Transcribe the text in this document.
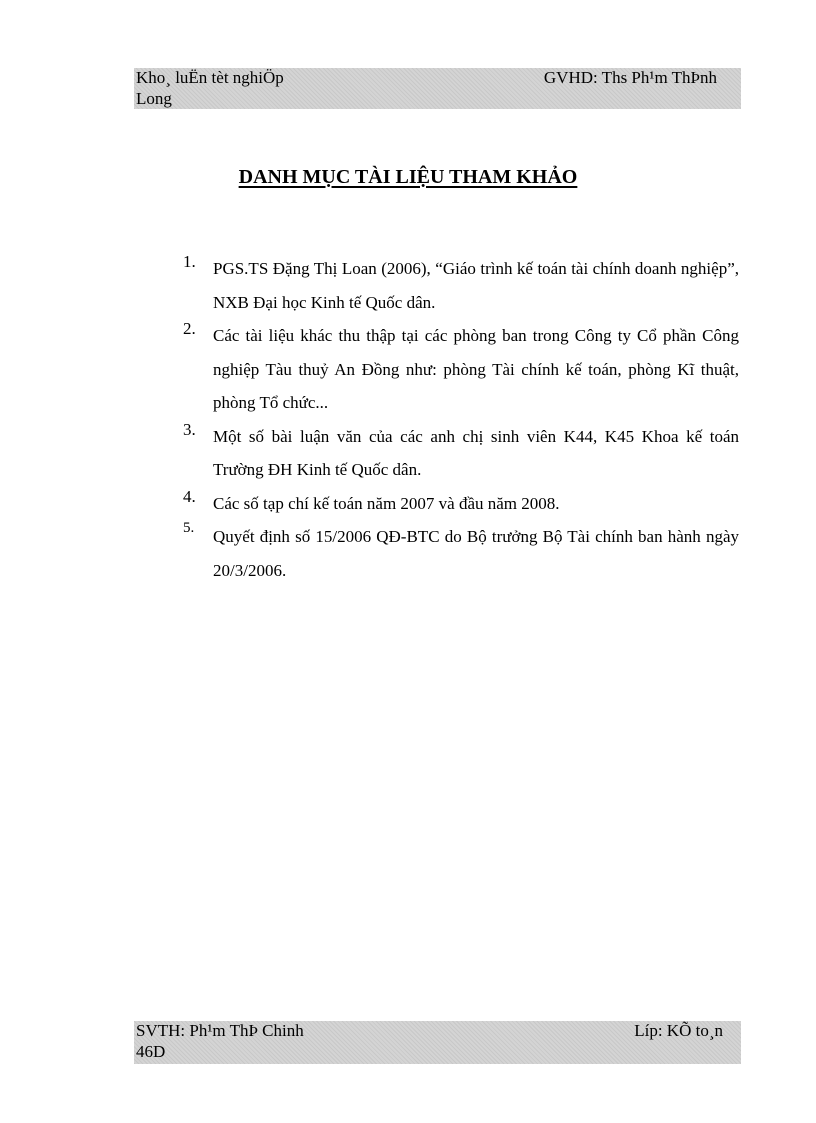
Kho¸ luËn tèt nghiÖp	GVHD: Ths Ph¹m ThÞnh
Long
DANH MỤC TÀI LIỆU THAM KHẢO
1.	PGS.TS Đặng Thị Loan (2006), “Giáo trình kế toán tài chính doanh nghiệp”, NXB Đại học Kinh tế Quốc dân.
2.	Các tài liệu khác thu thập tại các phòng ban trong Công ty Cổ phần Công nghiệp Tàu thuỷ An Đồng như: phòng Tài chính kế toán, phòng Kĩ thuật, phòng Tổ chức...
3.	Một số bài luận văn của các anh chị sinh viên K44, K45 Khoa kế toán Trường ĐH Kinh tế Quốc dân.
4.	Các số tạp chí kế toán năm 2007 và đầu năm 2008.
5.	Quyết định số 15/2006 QĐ-BTC do Bộ trưởng Bộ Tài chính ban hành ngày 20/3/2006.
SVTH: Ph¹m ThÞ Chinh	Líp: KÕ to¸n
46D
